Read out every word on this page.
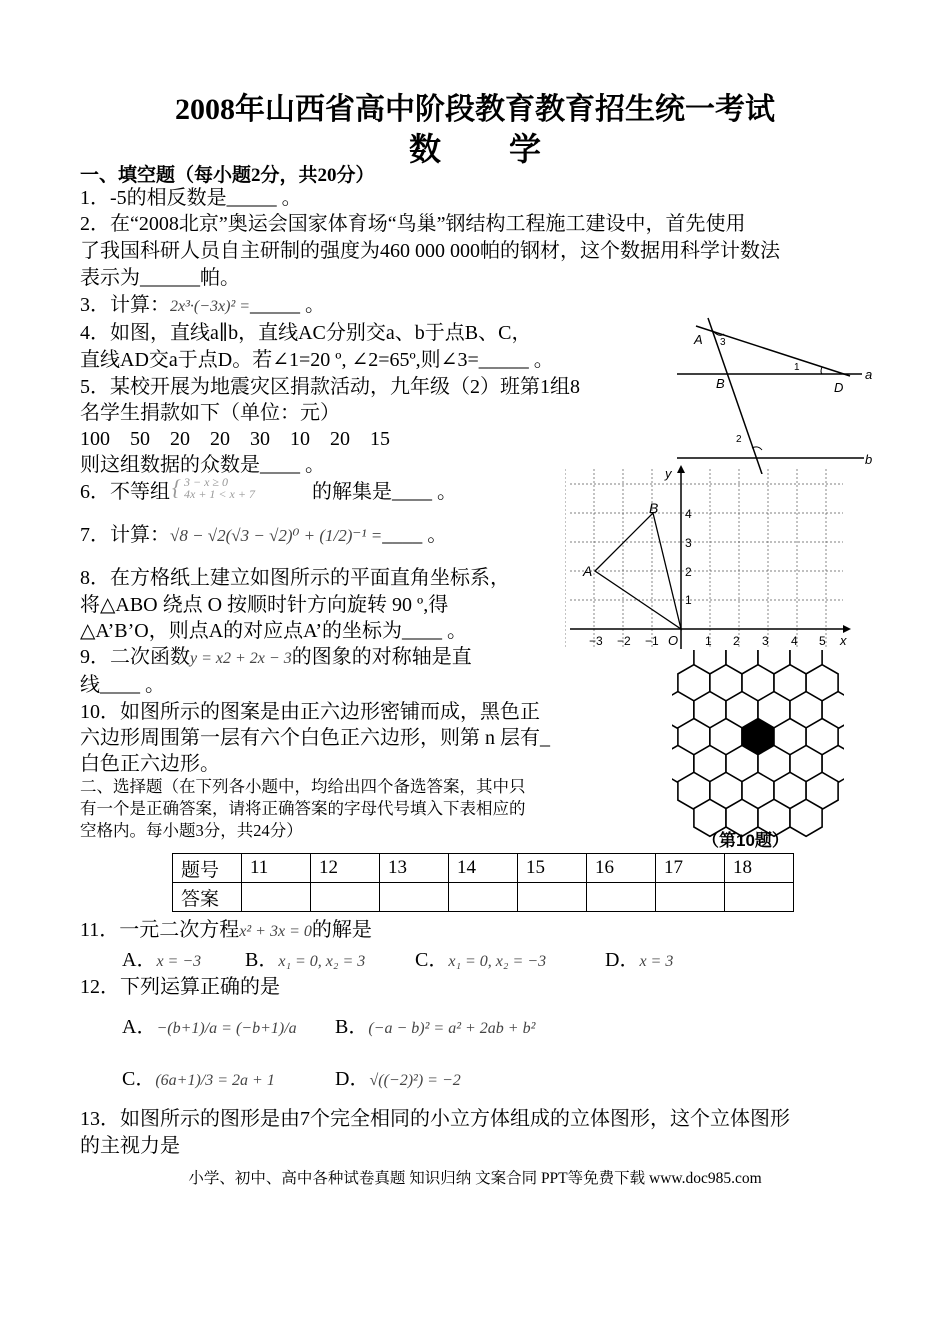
2008年山西省高中阶段教育教育招生统一考试
数 学
一、填空题（每小题2分，共20分）
1．-5的相反数是_____ 。
2．在“2008北京”奥运会国家体育场“鸟巢”钢结构工程施工建设中，首先使用
了我国科研人员自主研制的强度为460 000 000帕的钢材，这个数据用科学计数法
表示为______帕。
3．计算：2x³·(−3x)² =_____ 。
4．如图，直线a∥b，直线AC分别交a、b于点B、C，
直线AD交a于点D。若∠1=20 º, ∠2=65º,则∠3=_____ 。
5．某校开展为地震灾区捐款活动，九年级（2）班第1组8
名学生捐款如下（单位：元）
100    50    20    20    30    10    20    15
则这组数据的众数是____ 。
6．不等组 { 3 − x ≥ 0
4x + 1 < x + 7	的解集是____ 。
7．计算：√8 − √2(√3 − √2)⁰ + (1/2)⁻¹ =____ 。
8．在方格纸上建立如图所示的平面直角坐标系，
将△ABO 绕点 O 按顺时针方向旋转 90 º,得
△A’B’O，则点A的对应点A’的坐标为____ 。
9．二次函数y = x2 + 2x − 3的图象的对称轴是直
线____ 。
10．如图所示的图案是由正六边形密铺而成，黑色正
六边形周围第一层有六个白色正六边形，则第 n 层有_
白色正六边形。
二、选择题（在下列各小题中，均给出四个备选答案，其中只
有一个是正确答案，请将正确答案的字母代号填入下表相应的
空格内。每小题3分，共24分）
题号	11	12	13	14	15	16	17	18
答案								
11．一元二次方程x² + 3x = 0的解是
A．x = −3 B．x₁ = 0, x₂ = 3 C．x₁ = 0, x₂ = −3	D．x = 3
12．下列运算正确的是
A．−(b+1)/a = (−b+1)/a B．(−a − b)² = a² + 2ab + b²
C．(6a+1)/3 = 2a + 1	D．√((−2)²) = −2
13．如图所示的图形是由7个完全相同的小立方体组成的立体图形，这个立体图形
的主视力是
小学、初中、高中各种试卷真题 知识归纳 文案合同 PPT等免费下载 www.doc985.com
A 3
B
1
D
a
2
b
y
x
O
A
B
−3 −2 −1	1 2 3 4 5
1
2
3
4
（第10题）
